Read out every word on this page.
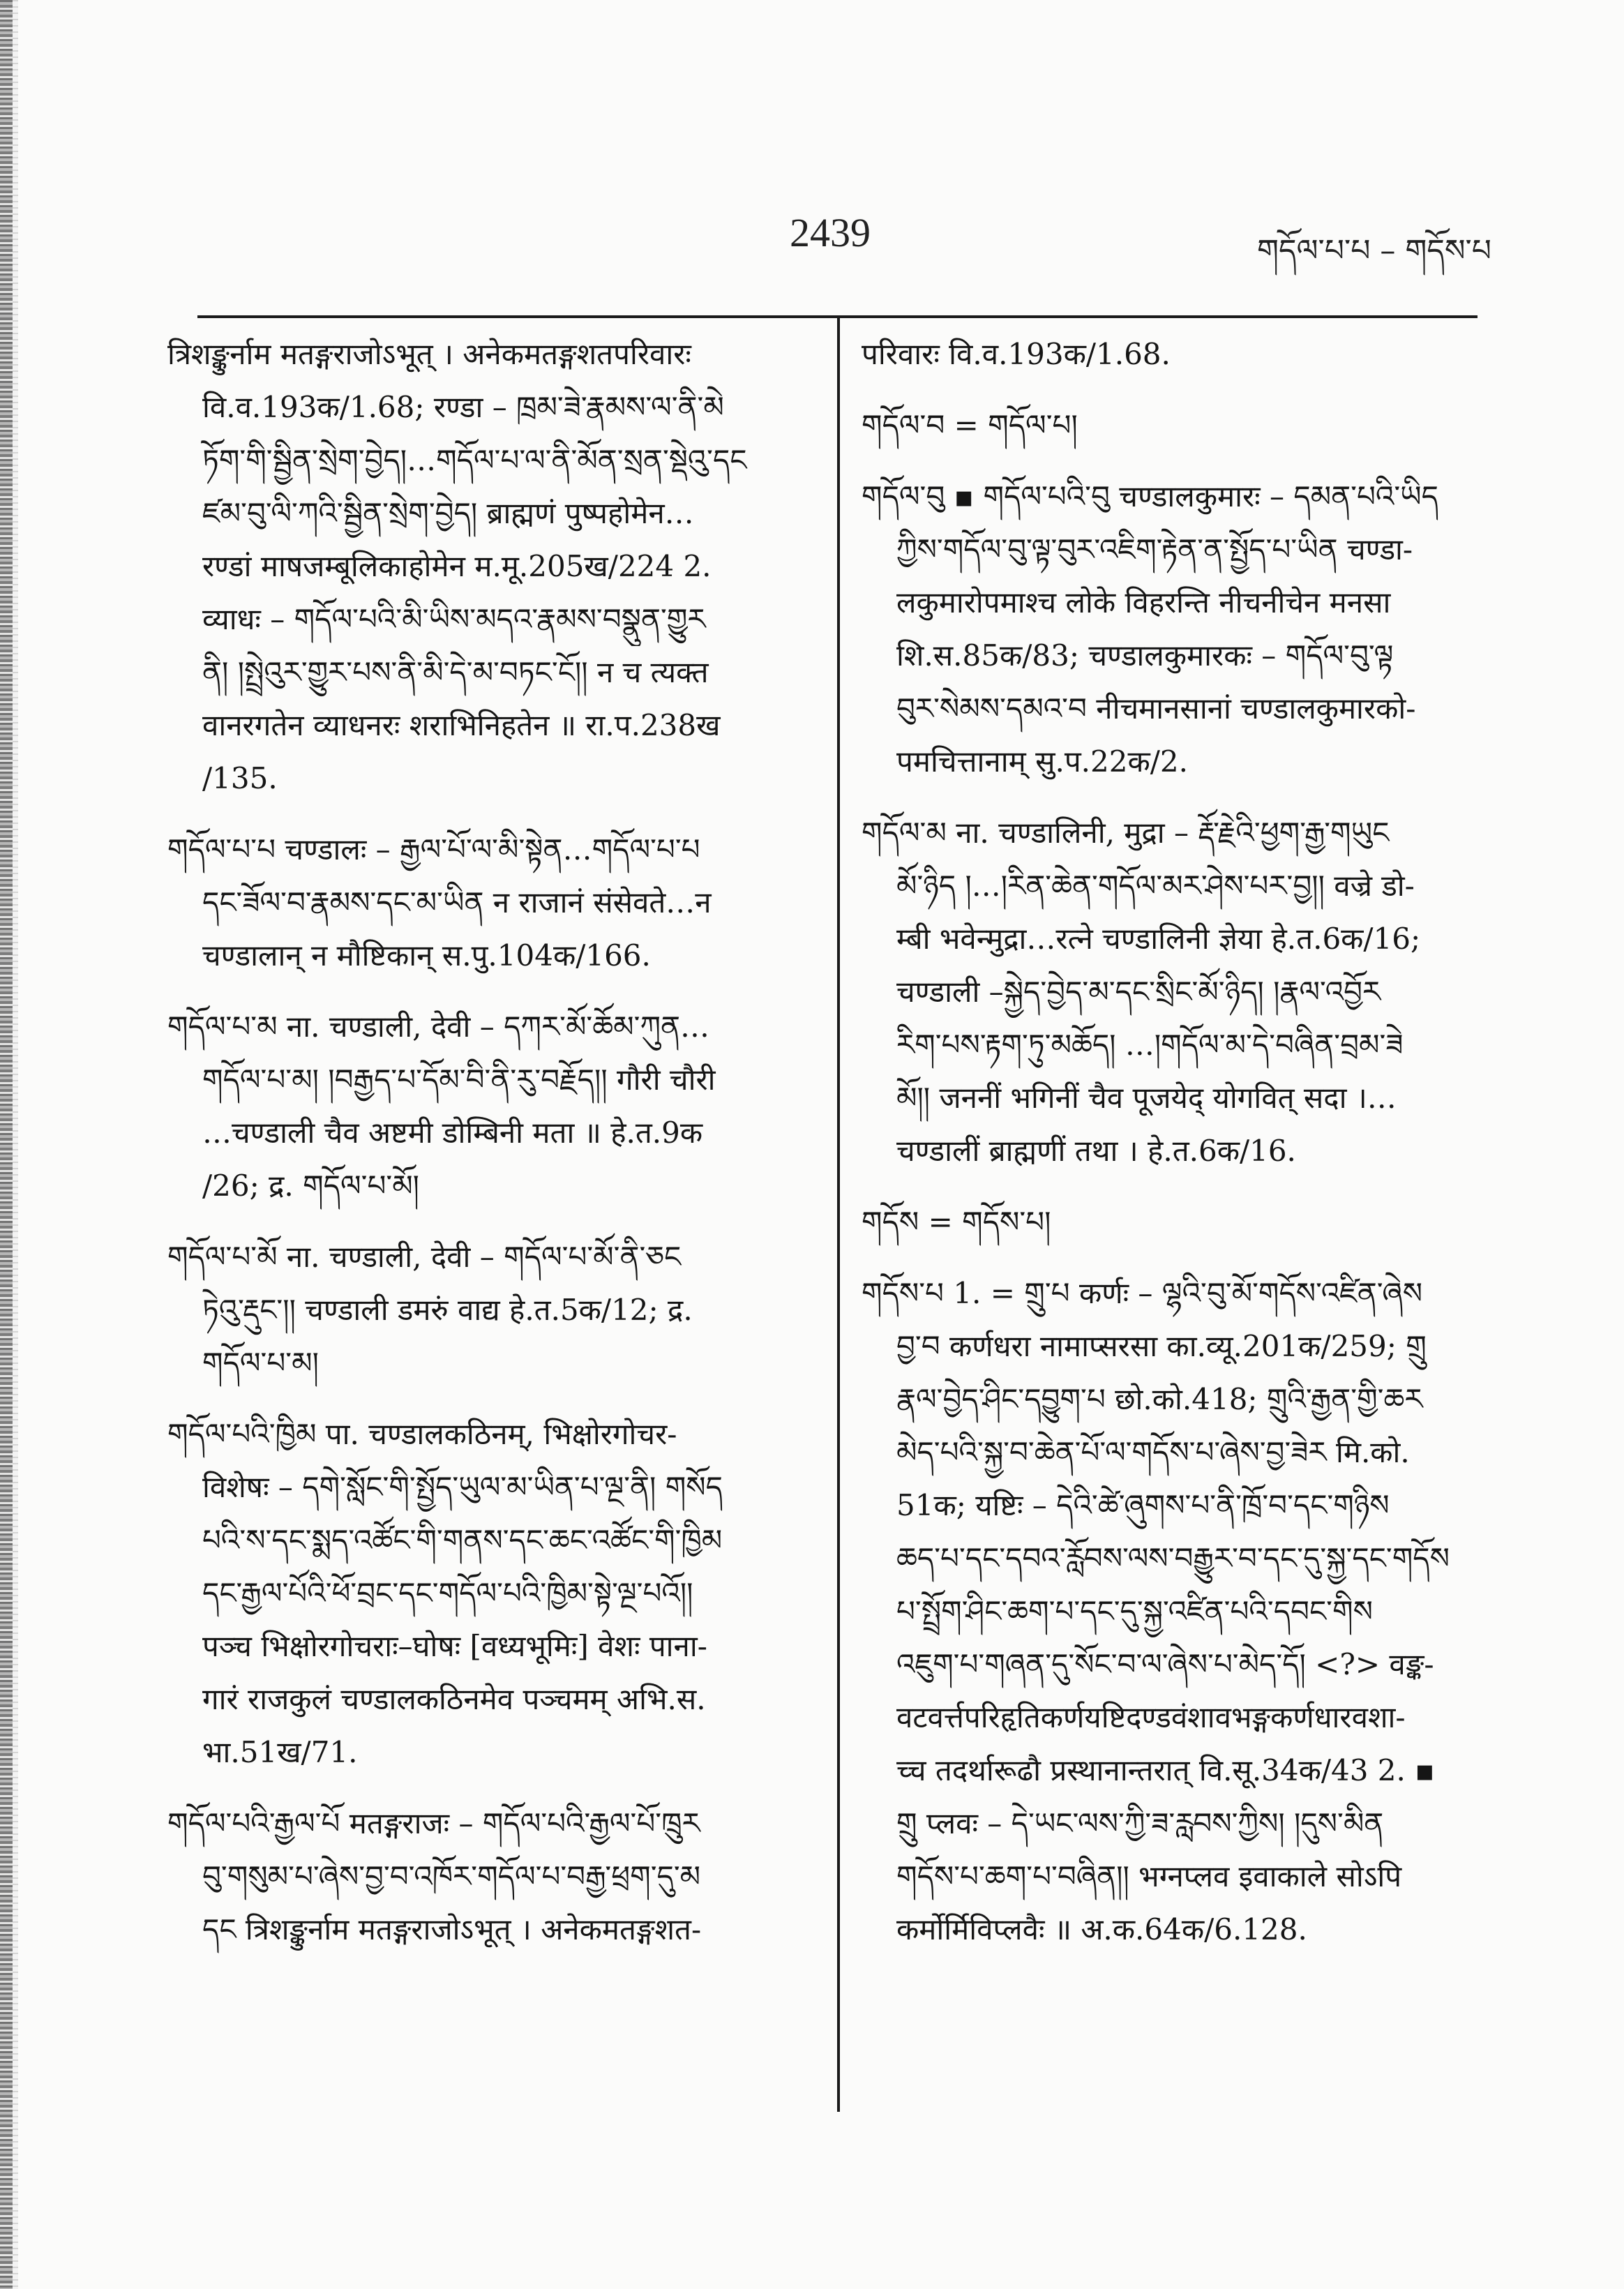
2439	གདོལ་པ་པ – གདོས་པ
त्रिशङ्कुर्नाम मतङ्गराजोऽभूत् । अनेकमतङ्गशतपरिवारः
वि.व.193क/1.68; रण्डा – ཁྲམ་ཟེ་རྣམས་ལ་ནི་མེ
ཏོག་གི་སྦྱིན་སྲེག་བྱེད།…གདོལ་པ་ལ་ནི་མོན་སྲན་སྡེའུ་དང
ཛམ་བུ་ལི་ཀའི་སྦྱིན་སྲེག་བྱེད། ब्राह्मणं पुष्पहोमेन…
रण्डां माषजम्बूलिकाहोमेन म.मू.205ख/224 2.
व्याधः – གདོལ་པའི་མི་ཡིས་མདའ་རྣམས་བསྣུན་གྱུར
ནི། །སྤྲེའུར་གྱུར་པས་ནི་མི་དེ་མ་བཏང་ངོ།། न च त्यक्त
वानरगतेन व्याधनरः शराभिनिहतेन ॥ रा.प.238ख
/135.
གདོལ་པ་པ चण्डालः – རྒྱལ་པོ་ལ་མི་སྟེན…གདོལ་པ་པ
དང་ཟོལ་བ་རྣམས་དང་མ་ཡིན न राजानं संसेवते…न
चण्डालान् न मौष्टिकान् स.पु.104क/166.
གདོལ་པ་མ ना. चण्डाली, देवी – དཀར་མོ་ཆོམ་ཀུན…
གདོལ་པ་མ། །བརྒྱད་པ་དོམ་བི་ནི་རུ་བརྗོད།། गौरी चौरी
…चण्डाली चैव अष्टमी डोम्बिनी मता ॥ हे.त.9क
/26; द्र. གདོལ་པ་མོ།
གདོལ་པ་མོ ना. चण्डाली, देवी – གདོལ་པ་མོ་ནི་ཅང
ཏེའུ་རྡུང་།། चण्डाली डमरुं वाद्य हे.त.5क/12; द्र.
གདོལ་པ་མ།
གདོལ་པའི་ཁྱིམ पा. चण्डालकठिनम्, भिक्षोरगोचर-
विशेषः – དགེ་སློང་གི་སྤྱོད་ཡུལ་མ་ཡིན་པ་ལྔ་ནི། གསོད
པའི་ས་དང་སྨད་འཚོང་གི་གནས་དང་ཆང་འཚོང་གི་ཁྱིམ
དང་རྒྱལ་པོའི་ཕོ་བྲང་དང་གདོལ་པའི་ཁྱིམ་སྟེ་ལྔ་པའོ།།
पञ्च भिक्षोरगोचराः–घोषः [वध्यभूमिः] वेशः पाना-
गारं राजकुलं चण्डालकठिनमेव पञ्चमम् अभि.स.
भा.51ख/71.
གདོལ་པའི་རྒྱལ་པོ मतङ्गराजः – གདོལ་པའི་རྒྱལ་པོ་ཁྲུར
བུ་གསུམ་པ་ཞེས་བྱ་བ་འཁོར་གདོལ་པ་བརྒྱ་ཕྲག་དུ་མ
དང त्रिशङ्कुर्नाम मतङ्गराजोऽभूत् । अनेकमतङ्गशत-
परिवारः वि.व.193क/1.68.
གདོལ་བ = གདོལ་པ།
གདོལ་བུ ▪ གདོལ་པའི་བུ चण्डालकुमारः – དམན་པའི་ཡིད
ཀྱིས་གདོལ་བུ་ལྟ་བུར་འཇིག་རྟེན་ན་སྤྱོད་པ་ཡིན चण्डा-
लकुमारोपमाश्च लोके विहरन्ति नीचनीचेन मनसा
शि.स.85क/83; चण्डालकुमारकः – གདོལ་བུ་ལྟ
བུར་སེམས་དམའ་བ नीचमानसानां चण्डालकुमारको-
पमचित्तानाम् सु.प.22क/2.
གདོལ་མ ना. चण्डालिनी, मुद्रा – རྡོ་རྗེའི་ཕྱག་རྒྱ་གཡུང
མོ་ཉིད །…།རིན་ཆེན་གདོལ་མར་ཤེས་པར་བྱ།། वज्रे डो-
म्बी भवेन्मुद्रा…रत्ने चण्डालिनी ज्ञेया हे.त.6क/16;
चण्डाली –སྐྱེད་བྱེད་མ་དང་སྲིང་མོ་ཉིད། །རྣལ་འབྱོར
རིག་པས་རྟག་ཏུ་མཆོད། …།གདོལ་མ་དེ་བཞིན་བྲམ་ཟེ
མོ།། जननीं भगिनीं चैव पूजयेद् योगवित् सदा ।…
चण्डालीं ब्राह्मणीं तथा । हे.त.6क/16.
གདོས = གདོས་པ།
གདོས་པ 1. = གྲུ་པ कर्णः – ལྷའི་བུ་མོ་གདོས་འཛིན་ཞེས
བྱ་བ कर्णधरा नामाप्सरसा का.व्यू.201क/259; གྲུ
རྣལ་བྱེད་ཤིང་དབྱུག་པ छो.को.418; གྲུའི་རྒྱན་གྱི་ཆར
མེད་པའི་སྐྱ་བ་ཆེན་པོ་ལ་གདོས་པ་ཞེས་བྱ་ཟེར मि.को.
51क; यष्टिः – དེའི་ཚེ་ཞུགས་པ་ནི་ཁྲོ་བ་དང་གཉིས
ཆད་པ་དང་དབའ་རློབས་ལས་བརྒྱུར་བ་དང་དུ་སྐྱ་དང་གདོས
པ་སྤྲོག་ཤིང་ཆག་པ་དང་དུ་སྐྱ་འཛིན་པའི་དབང་གིས
འཇུག་པ་གཞན་དུ་སོང་བ་ལ་ཞེས་པ་མེད་དོ། <?> वङ्क-
वटवर्त्तपरिहृतिकर्णयष्टिदण्डवंशावभङ्गकर्णधारवशा-
च्च तदर्थारूढौ प्रस्थानान्तरात् वि.सू.34क/43 2. ▪
གྲུ प्लवः – དེ་ཡང་ལས་ཀྱི་ཟ་རླབས་ཀྱིས། །དུས་མིན
གདོས་པ་ཆག་པ་བཞིན།། भग्नप्लव इवाकाले सोऽपि
कर्मोर्मिविप्लवैः ॥ अ.क.64क/6.128.
